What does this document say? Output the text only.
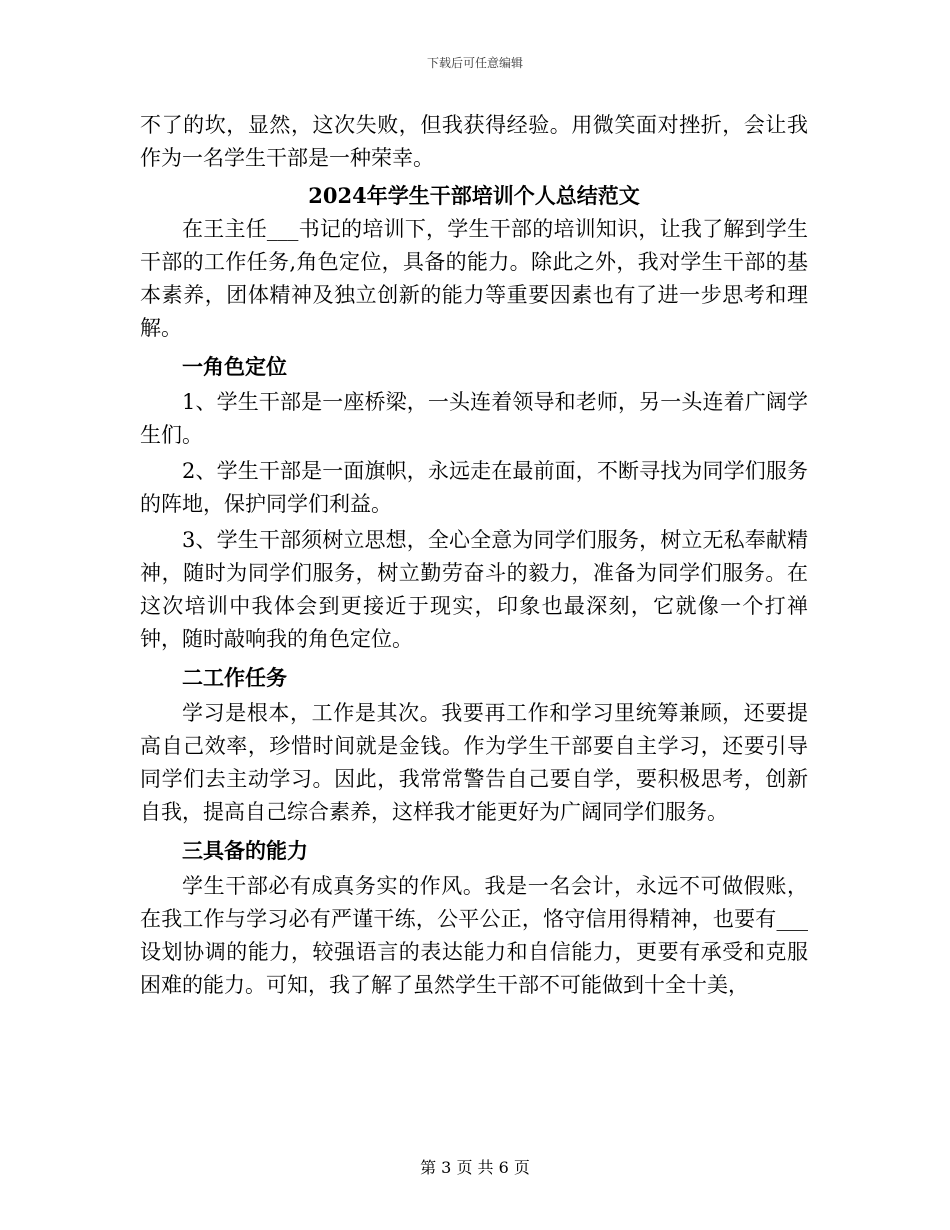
下载后可任意编辑

不了的坎，显然，这次失败，但我获得经验。用微笑面对挫折，会让我作为一名学生干部是一种荣幸。

2024年学生干部培训个人总结范文

在王主任___书记的培训下，学生干部的培训知识，让我了解到学生干部的工作任务,角色定位，具备的能力。除此之外，我对学生干部的基本素养，团体精神及独立创新的能力等重要因素也有了进一步思考和理解。

一角色定位

1、学生干部是一座桥梁，一头连着领导和老师，另一头连着广阔学生们。

2、学生干部是一面旗帜，永远走在最前面，不断寻找为同学们服务的阵地，保护同学们利益。

3、学生干部须树立思想，全心全意为同学们服务，树立无私奉献精神，随时为同学们服务，树立勤劳奋斗的毅力，准备为同学们服务。在这次培训中我体会到更接近于现实，印象也最深刻，它就像一个打禅钟，随时敲响我的角色定位。

二工作任务

学习是根本，工作是其次。我要再工作和学习里统筹兼顾，还要提高自己效率，珍惜时间就是金钱。作为学生干部要自主学习，还要引导同学们去主动学习。因此，我常常警告自己要自学，要积极思考，创新自我，提高自己综合素养，这样我才能更好为广阔同学们服务。

三具备的能力

学生干部必有成真务实的作风。我是一名会计，永远不可做假账，在我工作与学习必有严谨干练，公平公正，恪守信用得精神，也要有___设划协调的能力，较强语言的表达能力和自信能力，更要有承受和克服困难的能力。可知，我了解了虽然学生干部不可能做到十全十美，

第 3 页 共 6 页
